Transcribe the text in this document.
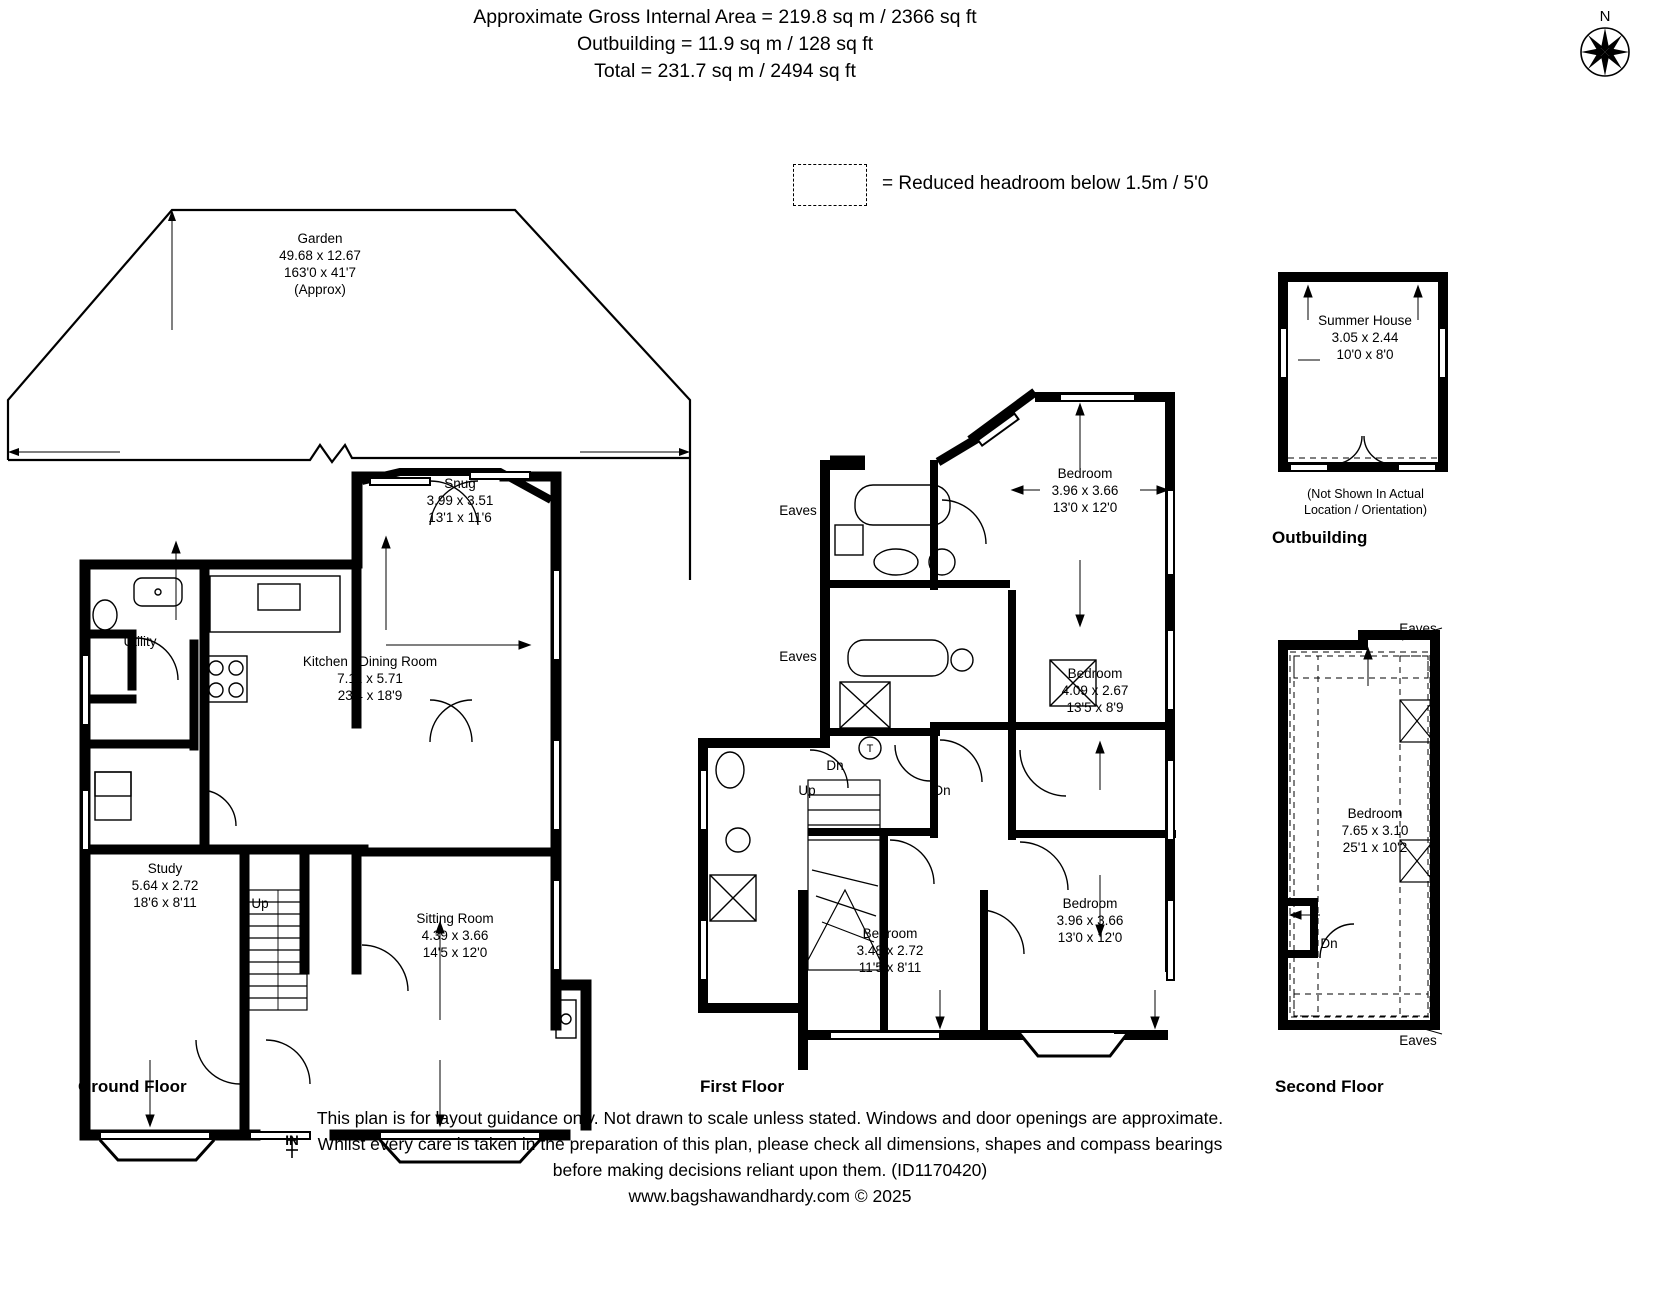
Approximate Gross Internal Area = 219.8 sq m / 2366 sq ft
Outbuilding = 11.9 sq m / 128 sq ft
Total = 231.7 sq m / 2494 sq ft
N
= Reduced headroom below 1.5m / 5'0
Garden
49.68 x 12.67
163'0 x 41'7
(Approx)
Snug
3.99 x 3.51
13'1 x 11'6
Kitchen / Dining Room
7.11 x 5.71
23'4 x 18'9
Utility
Study
5.64 x 2.72
18'6 x 8'11
Sitting Room
4.39 x 3.66
14'5 x 12'0
Up
IN
Ground Floor
Bedroom
3.96 x 3.66
13'0 x 12'0
Bedroom
4.09 x 2.67
13'5 x 8'9
Bedroom
3.96 x 3.66
13'0 x 12'0
Bedroom
3.48 x 2.72
11'5 x 8'11
Eaves
Eaves
Up
Dn
Dn
T
First Floor
Summer House
3.05 x 2.44
10'0 x 8'0
(Not Shown In Actual
Location / Orientation)
Outbuilding
Bedroom
7.65 x 3.10
25'1 x 10'2
Eaves
Eaves
Dn
Second Floor
This plan is for layout guidance only. Not drawn to scale unless stated. Windows and door openings are approximate.
Whilst every care is taken in the preparation of this plan, please check all dimensions, shapes and compass bearings
before making decisions reliant upon them. (ID1170420)
www.bagshawandhardy.com © 2025
